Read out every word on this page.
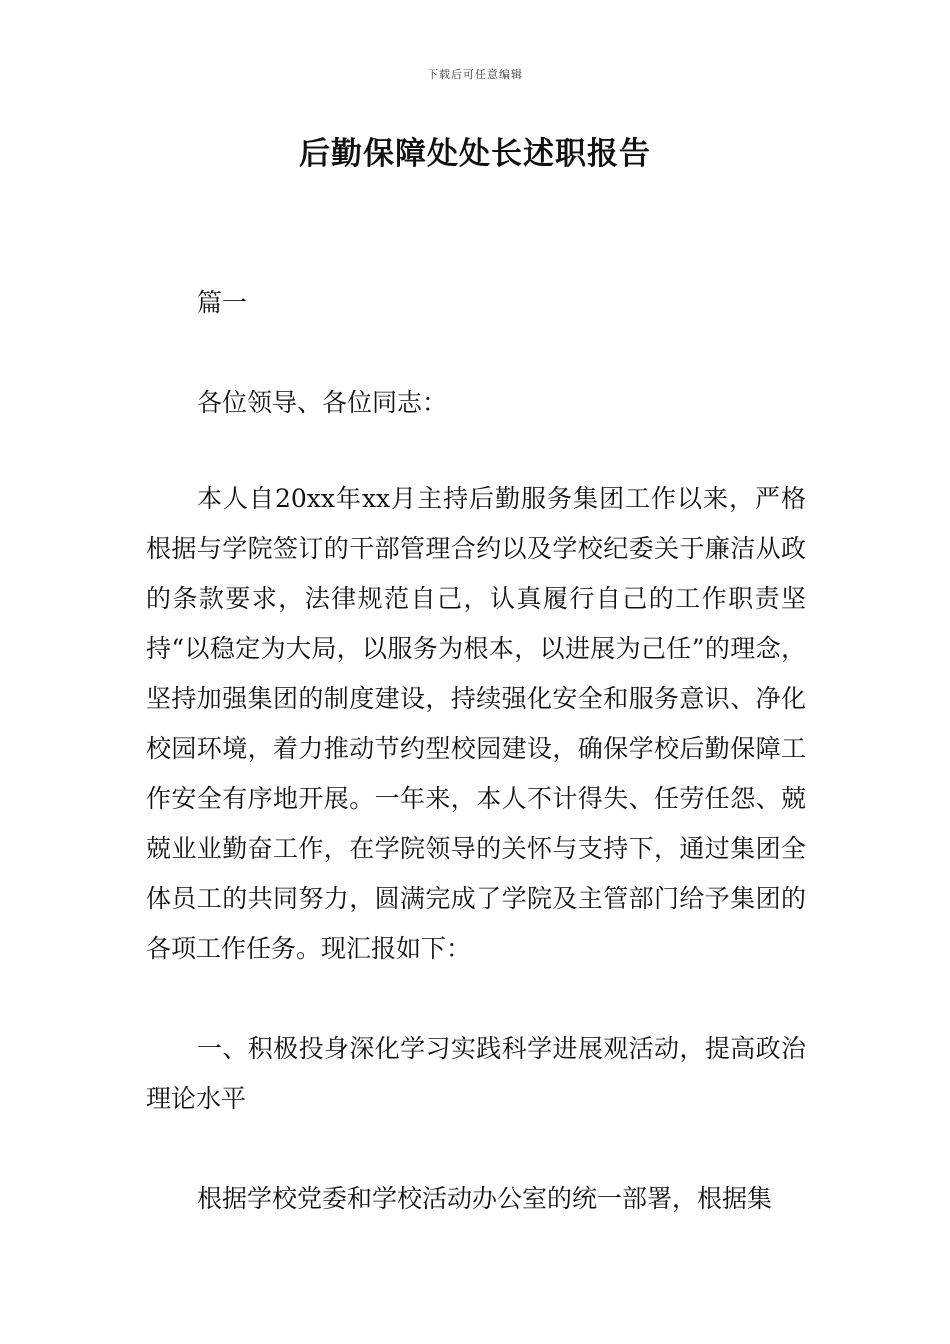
下载后可任意编辑
后勤保障处处长述职报告

篇一

各位领导、各位同志：

本人自20xx年xx月主持后勤服务集团工作以来，严格根据与学院签订的干部管理合约以及学校纪委关于廉洁从政的条款要求，法律规范自己，认真履行自己的工作职责坚持“以稳定为大局，以服务为根本，以进展为己任”的理念，坚持加强集团的制度建设，持续强化安全和服务意识、净化校园环境，着力推动节约型校园建设，确保学校后勤保障工作安全有序地开展。一年来，本人不计得失、任劳任怨、兢兢业业勤奋工作，在学院领导的关怀与支持下，通过集团全体员工的共同努力，圆满完成了学院及主管部门给予集团的各项工作任务。现汇报如下：

一、积极投身深化学习实践科学进展观活动，提高政治理论水平

根据学校党委和学校活动办公室的统一部署，根据集
